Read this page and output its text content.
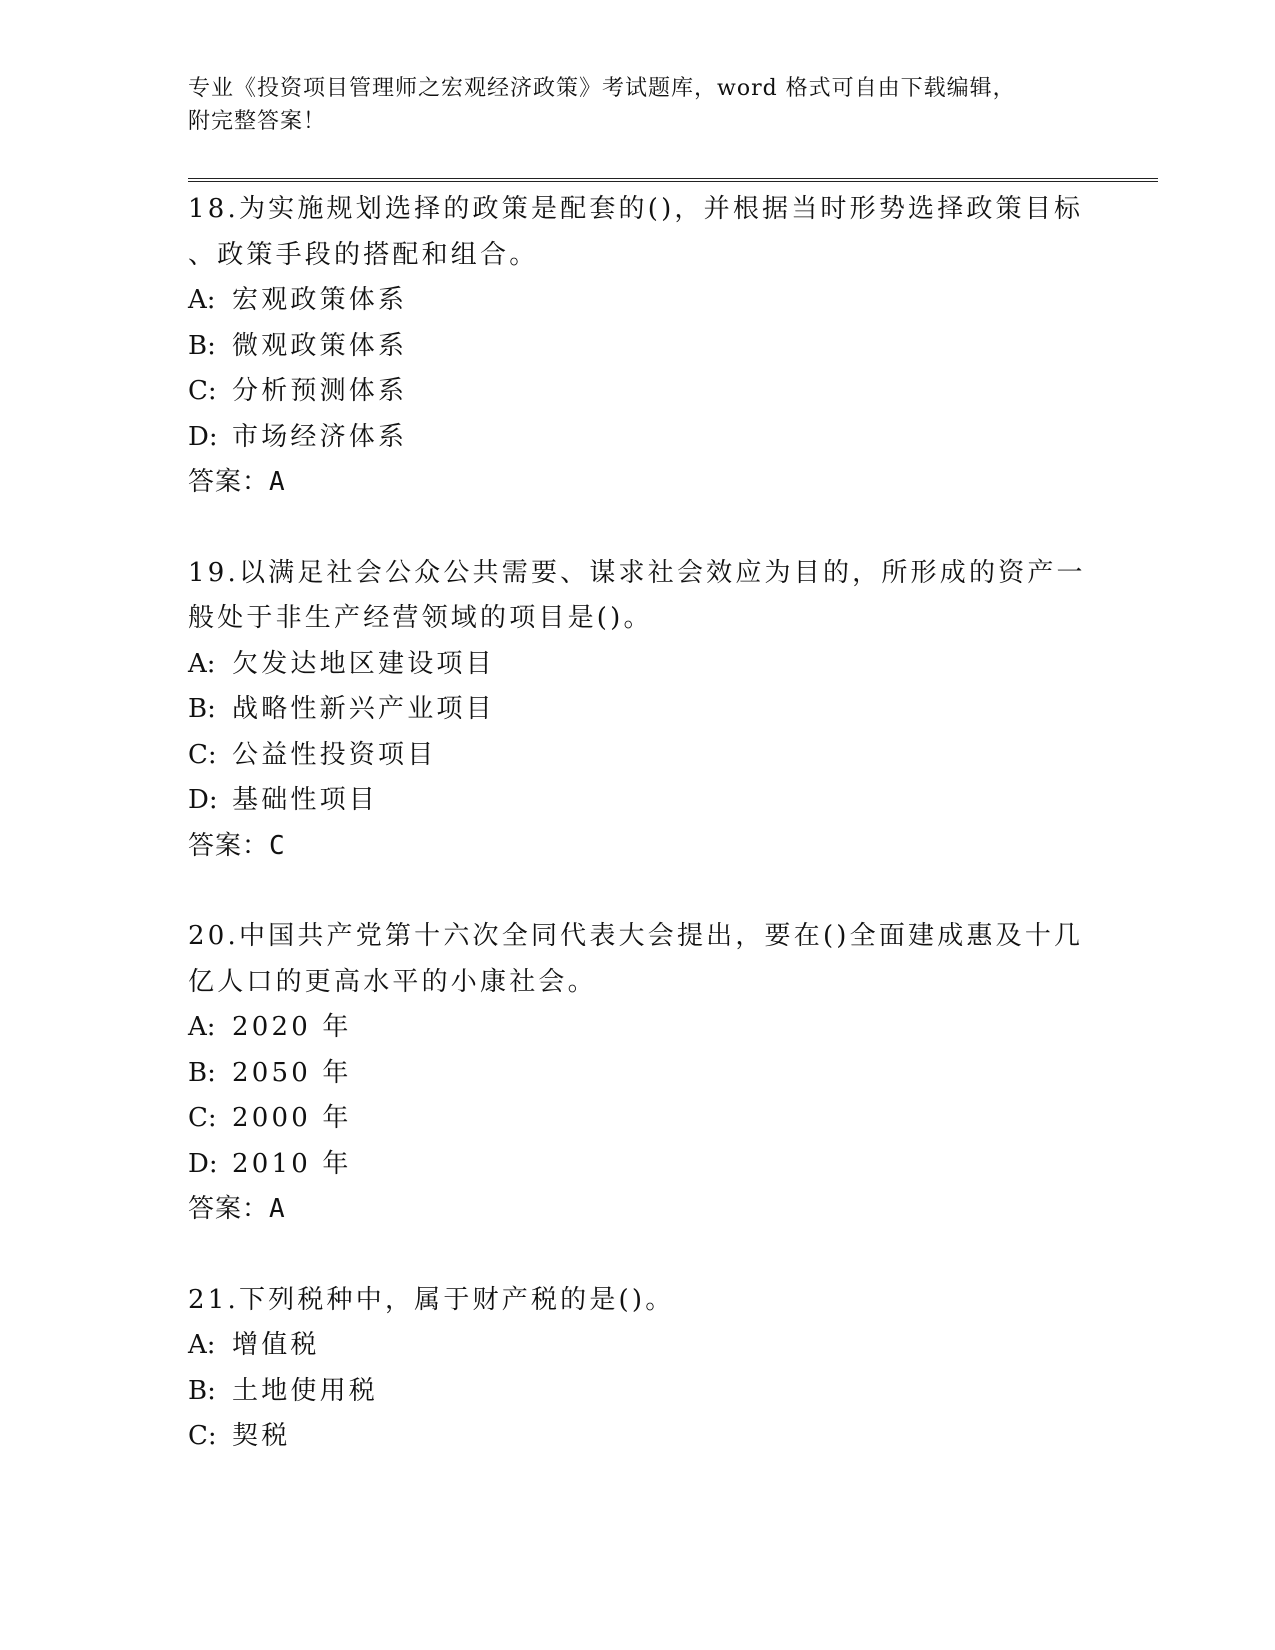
专业《投资项目管理师之宏观经济政策》考试题库，word 格式可自由下载编辑，
附完整答案！
18.为实施规划选择的政策是配套的()，并根据当时形势选择政策目标
、政策手段的搭配和组合。
A: 宏观政策体系
B: 微观政策体系
C: 分析预测体系
D: 市场经济体系
答案：A
19.以满足社会公众公共需要、谋求社会效应为目的，所形成的资产一
般处于非生产经营领域的项目是()。
A: 欠发达地区建设项目
B: 战略性新兴产业项目
C: 公益性投资项目
D: 基础性项目
答案：C
20.中国共产党第十六次全同代表大会提出，要在()全面建成惠及十几
亿人口的更高水平的小康社会。
A: 2020 年
B: 2050 年
C: 2000 年
D: 2010 年
答案：A
21.下列税种中，属于财产税的是()。
A: 增值税
B: 土地使用税
C: 契税
